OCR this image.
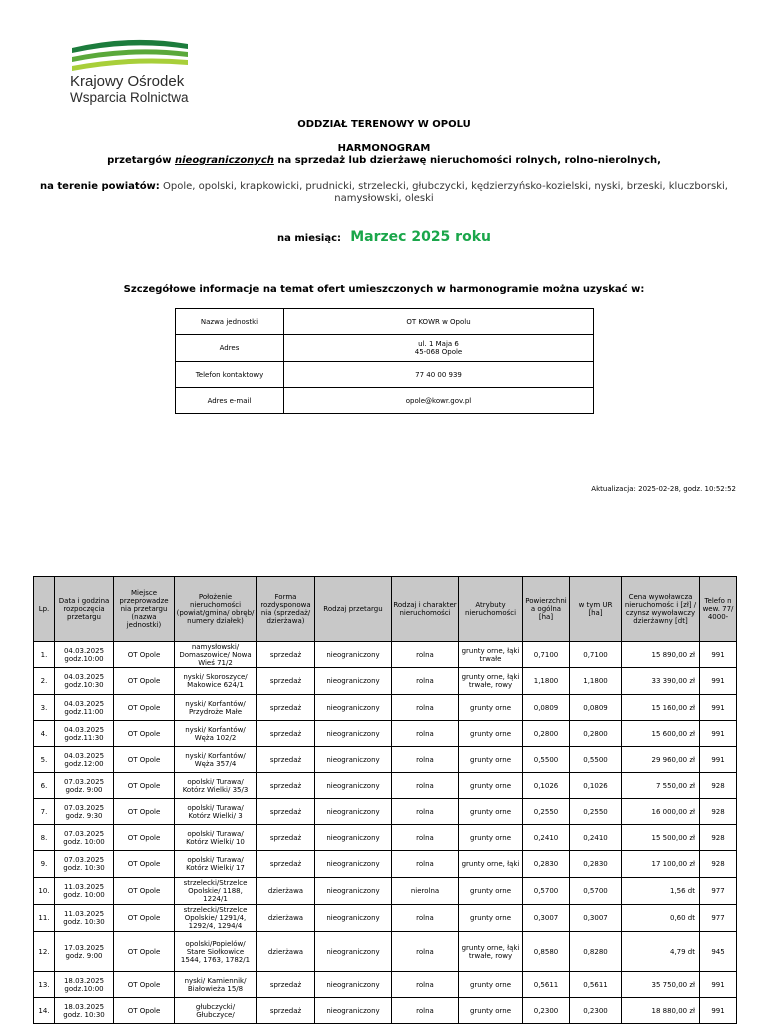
Krajowy Ośrodek
Wsparcia Rolnictwa
ODDZIAŁ TERENOWY W OPOLU
HARMONOGRAM
przetargów nieograniczonych na sprzedaż lub dzierżawę nieruchomości rolnych, rolno-nierolnych,
na terenie powiatów: Opole, opolski, krapkowicki, prudnicki, strzelecki, głubczycki, kędzierzyńsko-kozielski, nyski, brzeski, kluczborski, namysłowski, oleski
na miesiąc: Marzec 2025 roku
Szczegółowe informacje na temat ofert umieszczonych w harmonogramie można uzyskać w:
Nazwa jednostki	OT KOWR w Opolu
Adres	ul. 1 Maja 6
45-068 Opole

Telefon kontaktowy	77 40 00 939
Adres e-mail	opole@kowr.gov.pl
Aktualizacja: 2025-02-28, godz. 10:52:52
Lp.	Data i godzina rozpoczęcia przetargu	Miejsce przeprowadze nia przetargu (nazwa jednostki)	Położenie nieruchomości (powiat/gmina/ obręb/ numery działek)	Forma rozdysponowa nia (sprzedaż/ dzierżawa)	Rodzaj przetargu	Rodzaj i charakter nieruchomości	Atrybuty nieruchomości	Powierzchni a ogólna [ha]	w tym UR [ha]	Cena wywoławcza nieruchomośc i [zł] / czynsz wywoławczy dzierżawny [dt]	Telefo n wew. 77/ 4000-
1.	04.03.2025
godz.10:00	OT Opole	namysłowski/ Domaszowice/ Nowa Wieś 71/2	sprzedaż	nieograniczony	rolna	grunty orne, łąki trwałe	0,7100	0,7100	15 890,00 zł	991
2.	04.03.2025
godz.10:30	OT Opole	nyski/ Skoroszyce/ Makowice 624/1	sprzedaż	nieograniczony	rolna	grunty orne, łąki trwałe, rowy	1,1800	1,1800	33 390,00 zł	991
3.	04.03.2025
godz.11:00	OT Opole	nyski/ Korfantów/ Przydroże Małe	sprzedaż	nieograniczony	rolna	grunty orne	0,0809	0,0809	15 160,00 zł	991
4.	04.03.2025
godz.11:30	OT Opole	nyski/ Korfantów/ Węża 102/2	sprzedaż	nieograniczony	rolna	grunty orne	0,2800	0,2800	15 600,00 zł	991
5.	04.03.2025
godz.12:00	OT Opole	nyski/ Korfantów/ Węża 357/4	sprzedaż	nieograniczony	rolna	grunty orne	0,5500	0,5500	29 960,00 zł	991
6.	07.03.2025
godz. 9:00	OT Opole	opolski/ Turawa/ Kotórz Wielki/ 35/3	sprzedaż	nieograniczony	rolna	grunty orne	0,1026	0,1026	7 550,00 zł	928
7.	07.03.2025
godz. 9:30	OT Opole	opolski/ Turawa/ Kotórz Wielki/ 3	sprzedaż	nieograniczony	rolna	grunty orne	0,2550	0,2550	16 000,00 zł	928
8.	07.03.2025
godz. 10:00	OT Opole	opolski/ Turawa/ Kotórz Wielki/ 10	sprzedaż	nieograniczony	rolna	grunty orne	0,2410	0,2410	15 500,00 zł	928
9.	07.03.2025
godz. 10:30	OT Opole	opolski/ Turawa/ Kotórz Wielki/ 17	sprzedaż	nieograniczony	rolna	grunty orne, łąki	0,2830	0,2830	17 100,00 zł	928
10.	11.03.2025
godz. 10:00	OT Opole	strzelecki/Strzelce Opolskie/ 1188, 1224/1	dzierżawa	nieograniczony	nierolna	grunty orne	0,5700	0,5700	1,56 dt	977
11.	11.03.2025
godz. 10:30	OT Opole	strzelecki/Strzelce Opolskie/ 1291/4, 1292/4, 1294/4	dzierżawa	nieograniczony	rolna	grunty orne	0,3007	0,3007	0,60 dt	977
12.	17.03.2025
godz. 9:00	OT Opole	opolski/Popielów/ Stare Siołkowice 1544, 1763, 1782/1	dzierżawa	nieograniczony	rolna	grunty orne, łąki trwałe, rowy	0,8580	0,8280	4,79 dt	945
13.	18.03.2025
godz.10:00	OT Opole	nyski/ Kamiennik/ Białowieża 15/8	sprzedaż	nieograniczony	rolna	grunty orne	0,5611	0,5611	35 750,00 zł	991
14.	18.03.2025
godz. 10:30	OT Opole	głubczycki/ Głubczyce/	sprzedaż	nieograniczony	rolna	grunty orne	0,2300	0,2300	18 880,00 zł	991
